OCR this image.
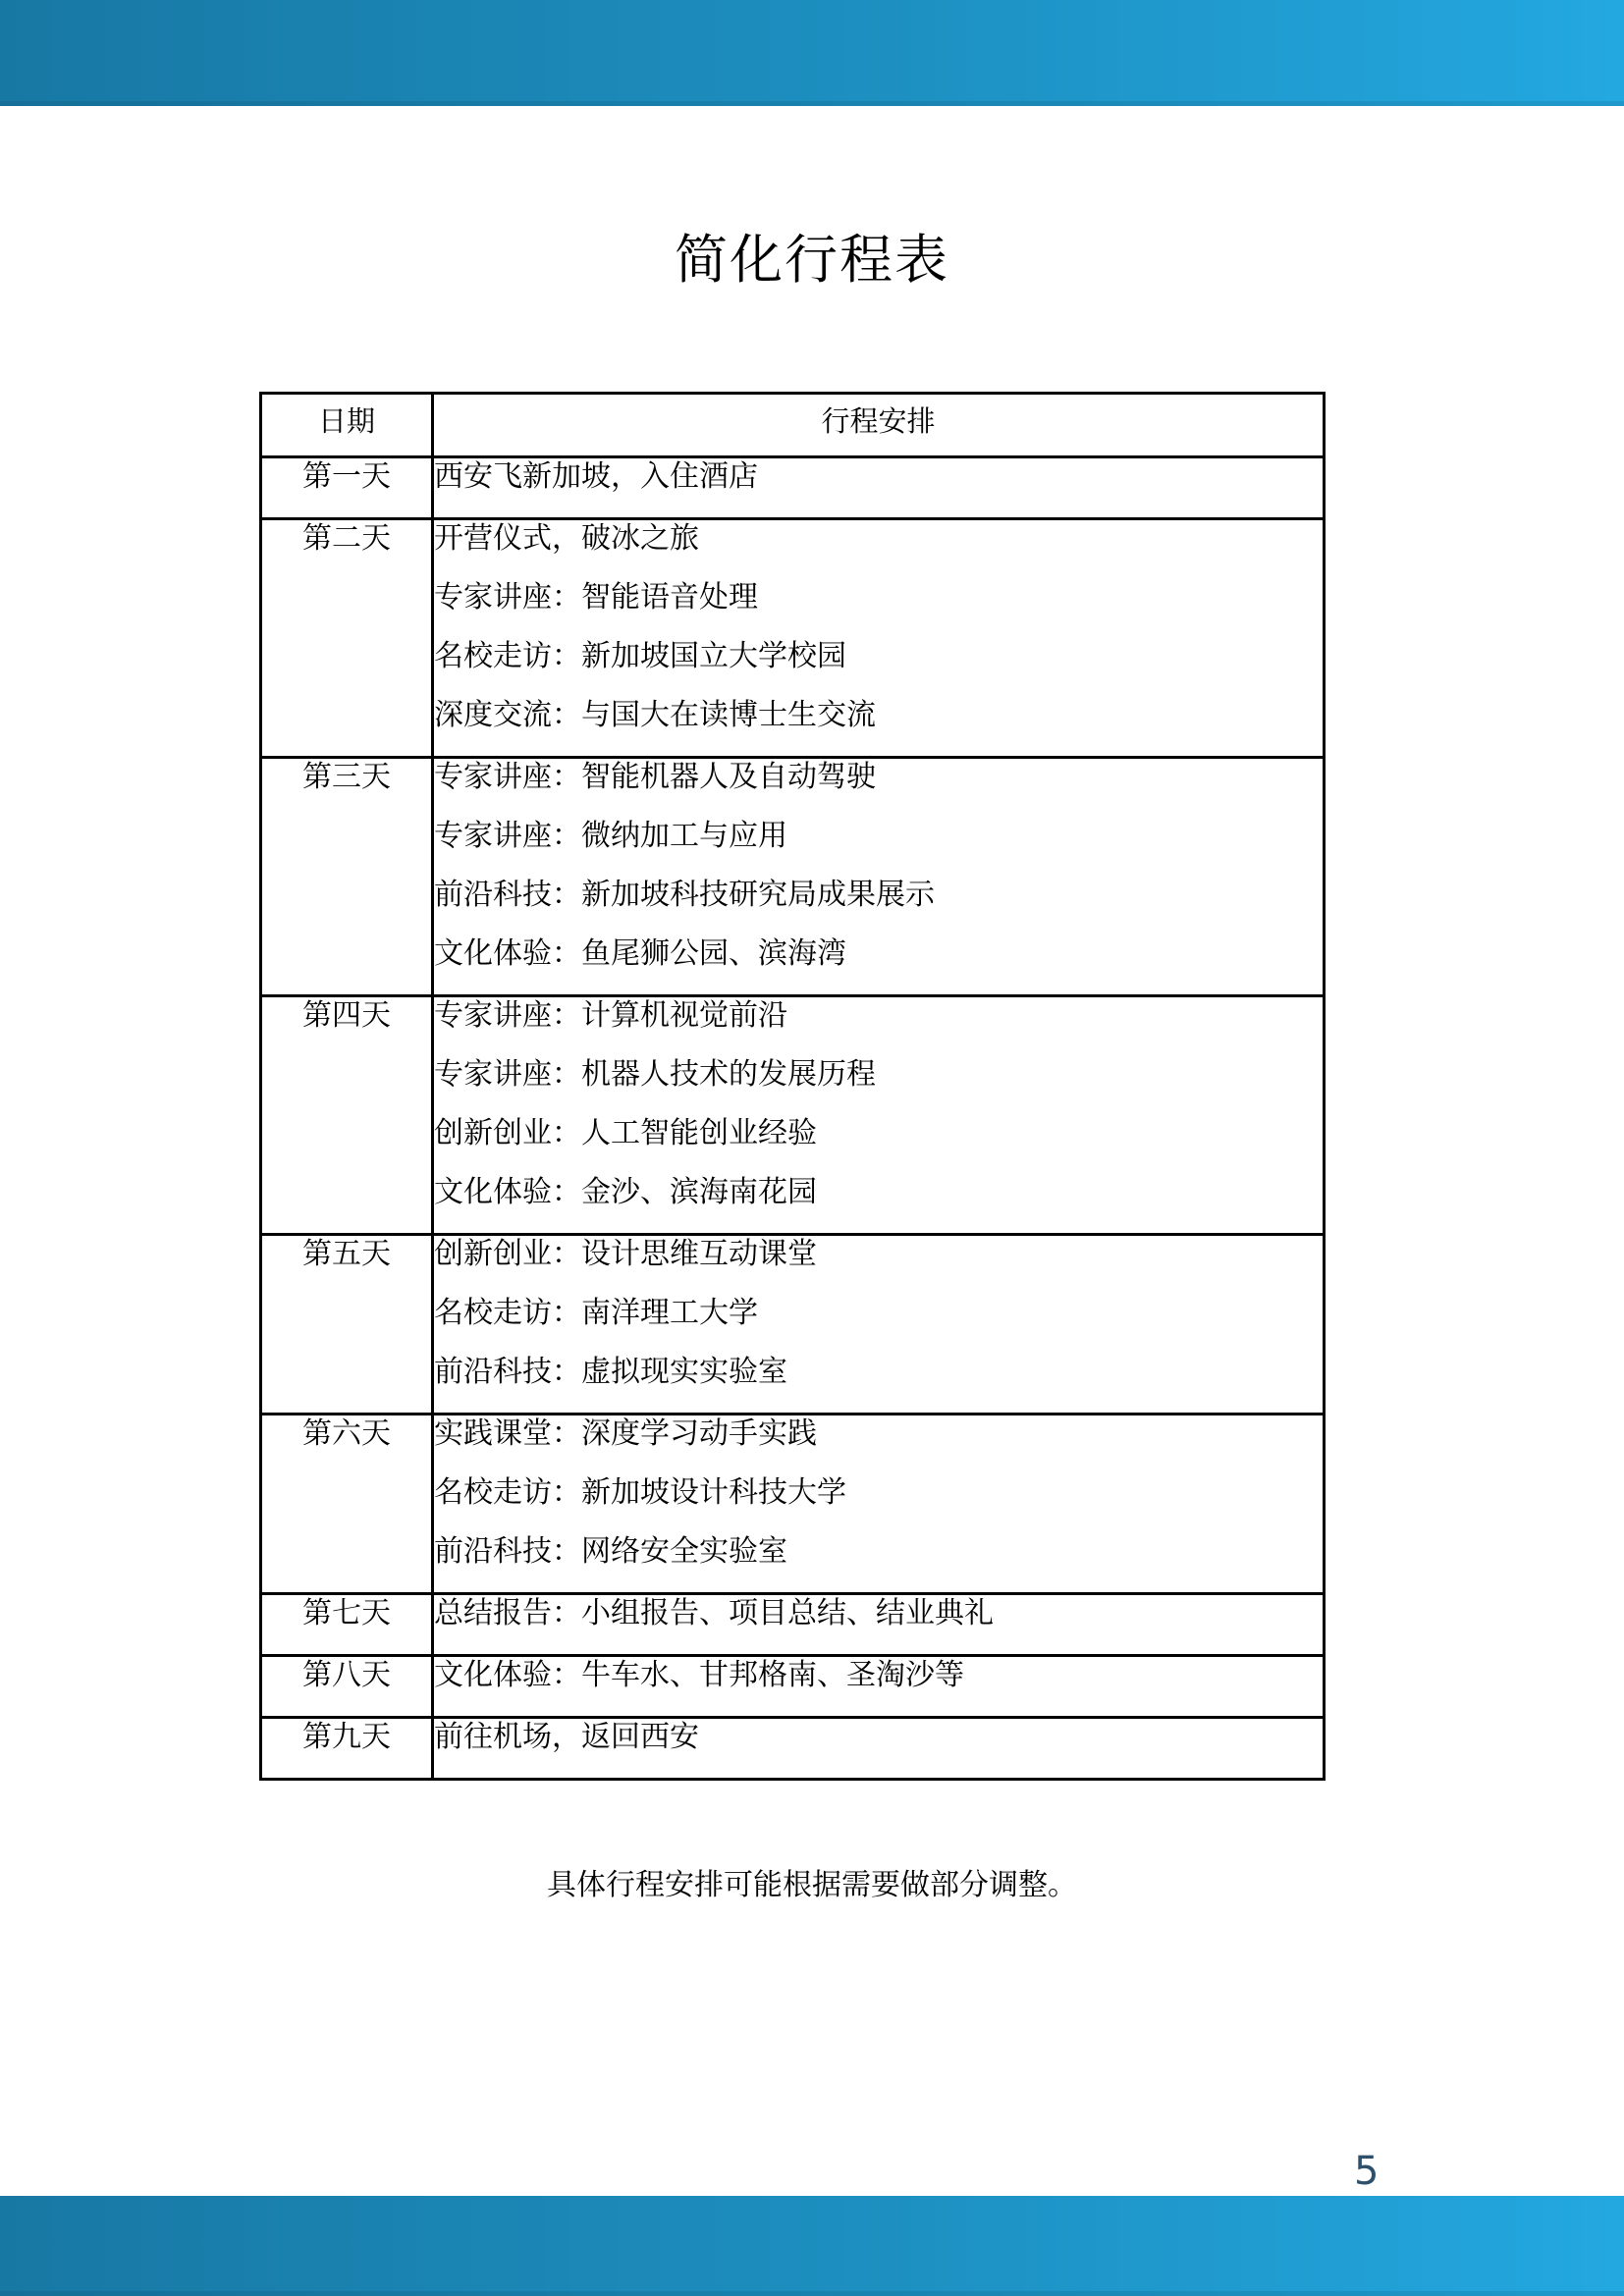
简化行程表
日期	行程安排

第一天	西安飞新加坡，入住酒店

第二天	开营仪式，破冰之旅
专家讲座：智能语音处理
名校走访：新加坡国立大学校园
深度交流：与国大在读博士生交流

第三天	专家讲座：智能机器人及自动驾驶
专家讲座：微纳加工与应用
前沿科技：新加坡科技研究局成果展示
文化体验：鱼尾狮公园、滨海湾

第四天	专家讲座：计算机视觉前沿
专家讲座：机器人技术的发展历程
创新创业：人工智能创业经验
文化体验：金沙、滨海南花园

第五天	创新创业：设计思维互动课堂
名校走访：南洋理工大学
前沿科技：虚拟现实实验室

第六天	实践课堂：深度学习动手实践
名校走访：新加坡设计科技大学
前沿科技：网络安全实验室

第七天	总结报告：小组报告、项目总结、结业典礼

第八天	文化体验：牛车水、甘邦格南、圣淘沙等

第九天	前往机场，返回西安
具体行程安排可能根据需要做部分调整。
5
